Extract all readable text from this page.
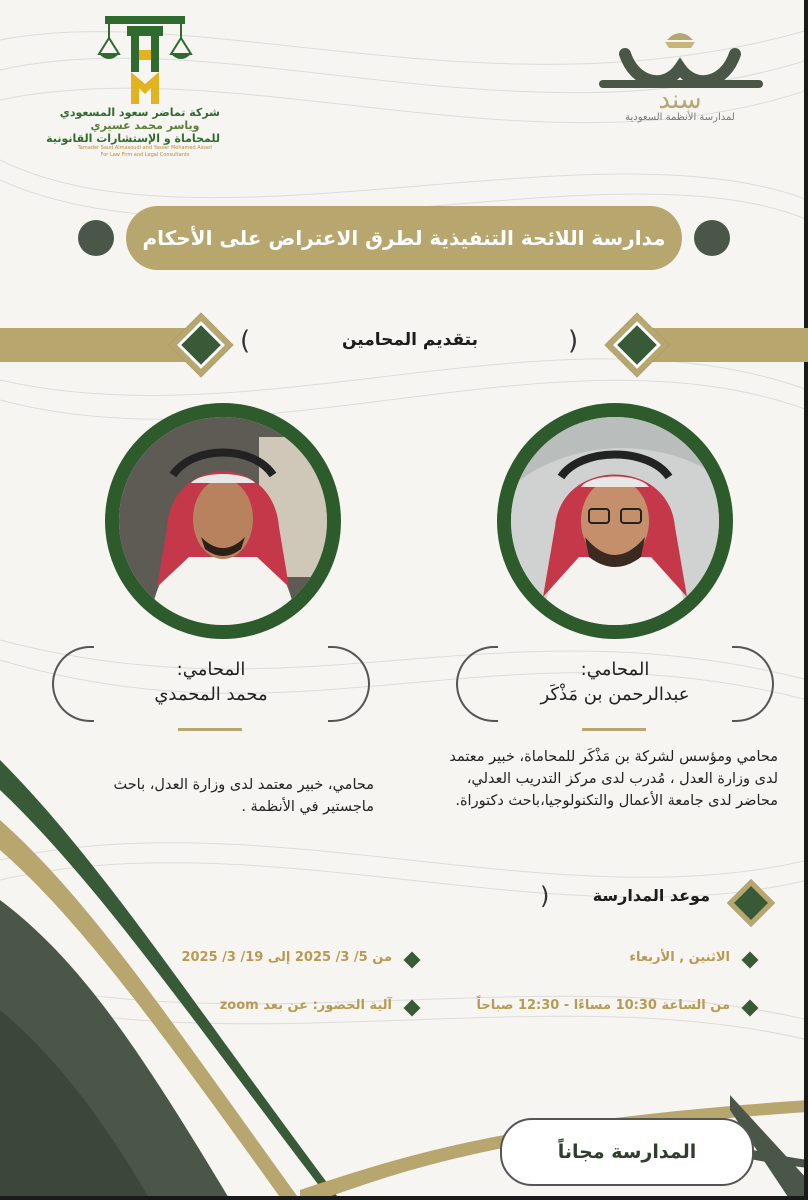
شركة تماضر سعود المسعودي
وياسر محمد عسيري
للمحاماة و الإستشارات القانونية
Tamader Saud Almasoudi and Yasser Mohamed Asseri
For Law Firm and Legal Consultants
سند
لمدارسة الأنظمة السعودية
مدارسة اللائحة التنفيذية لطرق الاعتراض على الأحكام
(	)
بتقديم المحامين
المحامي:
عبدالرحمن بن مَذْكَر
المحامي:
محمد المحمدي
محامي ومؤسس لشركة بن مَذْكَر للمحاماة، خبير معتمد لدى وزارة العدل ، مُدرب لدى مركز التدريب العدلي، محاضر لدى جامعة الأعمال والتكنولوجيا،باحث دكتوراة.
محامي، خبير معتمد لدى وزارة العدل، باحث ماجستير في الأنظمة .
)	موعد المدارسة
الاثنين , الأربعاء
من الساعة 10:30 مساءًا - 12:30 صباحاً
من 5/ 3/ 2025 إلى 19/ 3/ 2025
آلية الحضور: عن بعد zoom
المدارسة مجاناً
